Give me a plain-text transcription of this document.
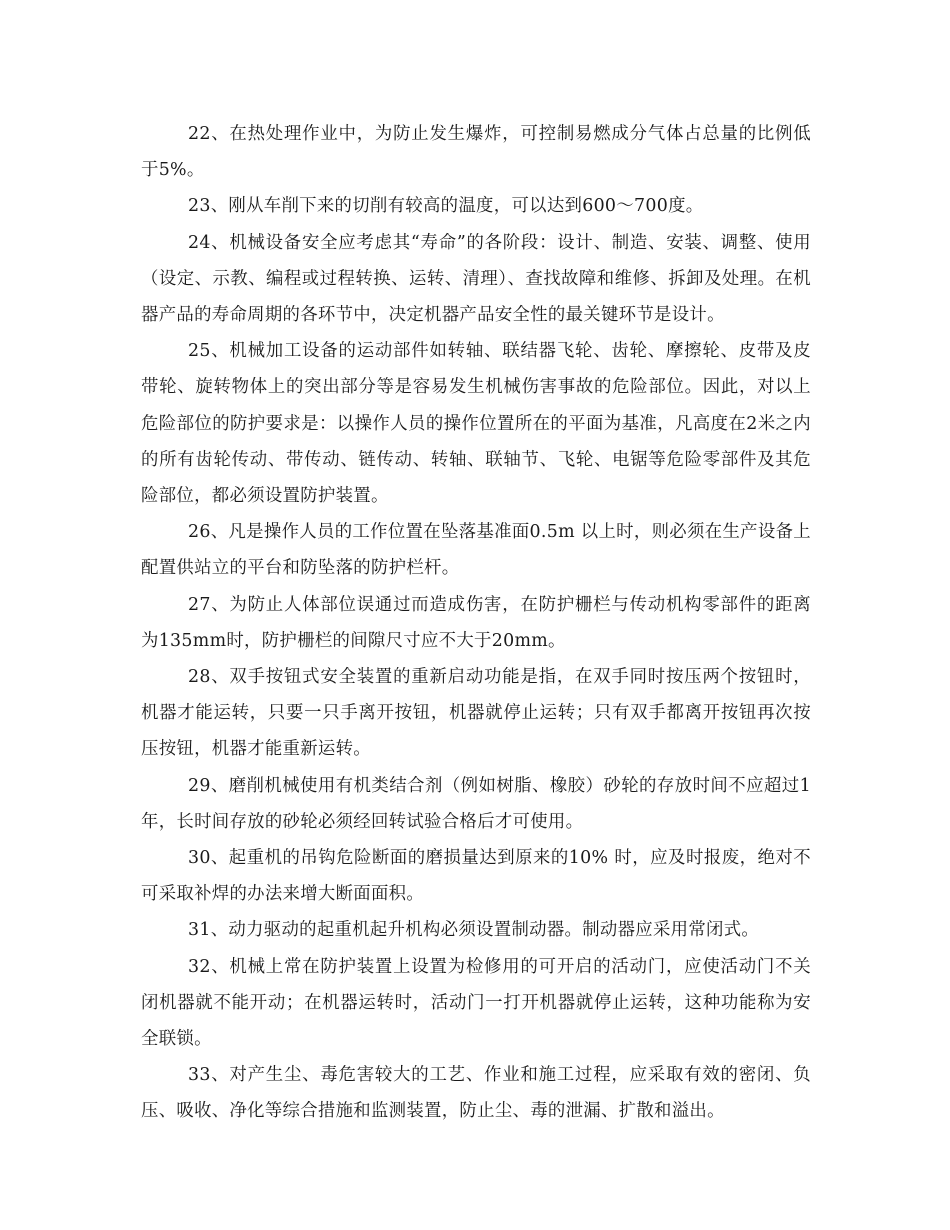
22、在热处理作业中，为防止发生爆炸，可控制易燃成分气体占总量的比例低于5%。

23、刚从车削下来的切削有较高的温度，可以达到600～700度。

24、机械设备安全应考虑其“寿命”的各阶段：设计、制造、安装、调整、使用（设定、示教、编程或过程转换、运转、清理）、查找故障和维修、拆卸及处理。在机器产品的寿命周期的各环节中，决定机器产品安全性的最关键环节是设计。

25、机械加工设备的运动部件如转轴、联结器飞轮、齿轮、摩擦轮、皮带及皮带轮、旋转物体上的突出部分等是容易发生机械伤害事故的危险部位。因此，对以上危险部位的防护要求是：以操作人员的操作位置所在的平面为基准，凡高度在2米之内的所有齿轮传动、带传动、链传动、转轴、联轴节、飞轮、电锯等危险零部件及其危险部位，都必须设置防护装置。

26、凡是操作人员的工作位置在坠落基准面0.5m 以上时，则必须在生产设备上配置供站立的平台和防坠落的防护栏杆。

27、为防止人体部位误通过而造成伤害，在防护栅栏与传动机构零部件的距离为135mm时，防护栅栏的间隙尺寸应不大于20mm。

28、双手按钮式安全装置的重新启动功能是指，在双手同时按压两个按钮时，机器才能运转，只要一只手离开按钮，机器就停止运转；只有双手都离开按钮再次按压按钮，机器才能重新运转。

29、磨削机械使用有机类结合剂（例如树脂、橡胶）砂轮的存放时间不应超过1年，长时间存放的砂轮必须经回转试验合格后才可使用。

30、起重机的吊钩危险断面的磨损量达到原来的10% 时，应及时报废，绝对不可采取补焊的办法来增大断面面积。

31、动力驱动的起重机起升机构必须设置制动器。制动器应采用常闭式。

32、机械上常在防护装置上设置为检修用的可开启的活动门，应使活动门不关闭机器就不能开动；在机器运转时，活动门一打开机器就停止运转，这种功能称为安全联锁。

33、对产生尘、毒危害较大的工艺、作业和施工过程，应采取有效的密闭、负压、吸收、净化等综合措施和监测装置，防止尘、毒的泄漏、扩散和溢出。
